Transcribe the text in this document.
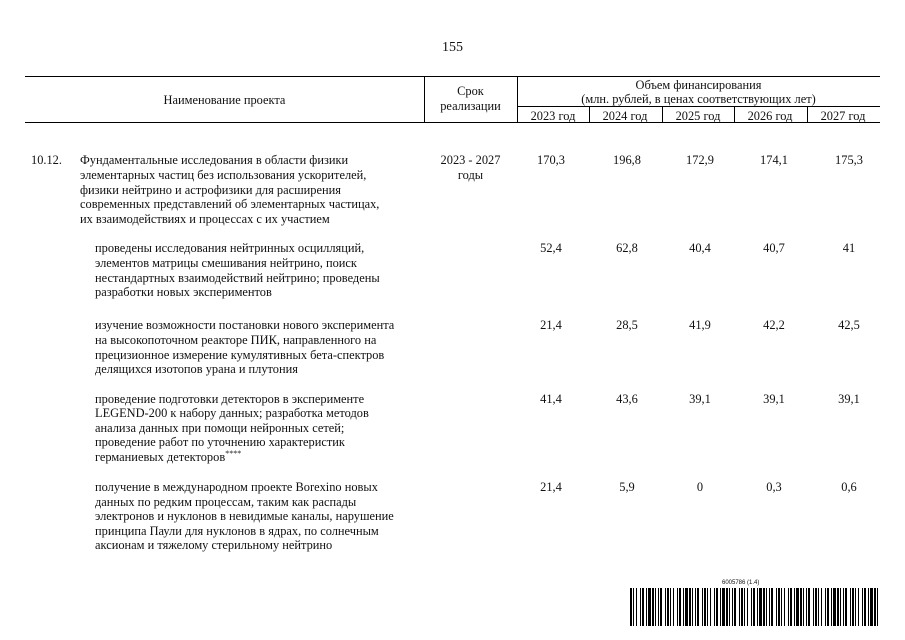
155
Наименование проекта
Срок
реализации
Объем финансирования
(млн. рублей, в ценах соответствующих лет)
2023 год	2024 год	2025 год	2026 год	2027 год
10.12. Фундаментальные исследования в области физики
элементарных частиц без использования ускорителей,
физики нейтрино и астрофизики для расширения
современных представлений об элементарных частицах,
их взаимодействиях и процессах с их участием
2023 - 2027
годы
170,3	196,8	172,9	174,1	175,3
проведены исследования нейтринных осцилляций,
элементов матрицы смешивания нейтрино, поиск
нестандартных взаимодействий нейтрино; проведены
разработки новых экспериментов
52,4	62,8	40,4	40,7	41
изучение возможности постановки нового эксперимента
на высокопоточном реакторе ПИК, направленного на
прецизионное измерение кумулятивных бета-спектров
делящихся изотопов урана и плутония
21,4	28,5	41,9	42,2	42,5
проведение подготовки детекторов в эксперименте
LEGEND-200 к набору данных; разработка методов
анализа данных при помощи нейронных сетей;
проведение работ по уточнению характеристик
германиевых детекторов****
41,4	43,6	39,1	39,1	39,1
получение в международном проекте Borexino новых
данных по редким процессам, таким как распады
электронов и нуклонов в невидимые каналы, нарушение
принципа Паули для нуклонов в ядрах, по солнечным
аксионам и тяжелому стерильному нейтрино
21,4	5,9	0	0,3	0,6
6005786 (1.4)
